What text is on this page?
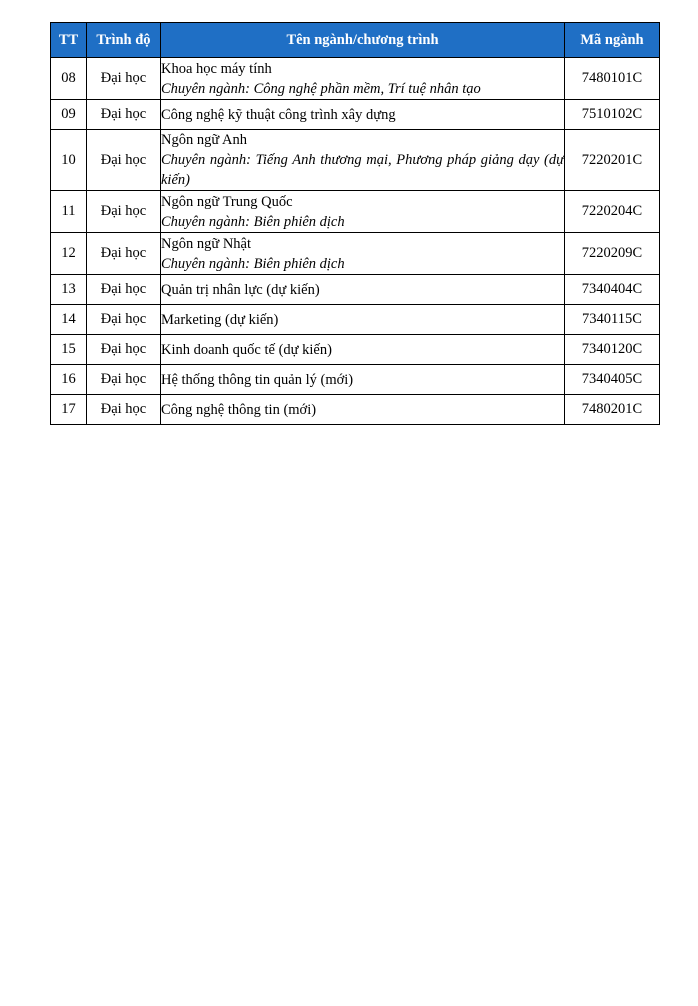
TT	Trình độ	Tên ngành/chương trình	Mã ngành
08	Đại học	Khoa học máy tính
Chuyên ngành: Công nghệ phần mềm, Trí tuệ nhân tạo	7480101C
09	Đại học	Công nghệ kỹ thuật công trình xây dựng	7510102C
10	Đại học	Ngôn ngữ Anh
Chuyên ngành: Tiếng Anh thương mại, Phương pháp giảng dạy (dự kiến)	7220201C
11	Đại học	Ngôn ngữ Trung Quốc
Chuyên ngành: Biên phiên dịch	7220204C
12	Đại học	Ngôn ngữ Nhật
Chuyên ngành: Biên phiên dịch	7220209C
13	Đại học	Quản trị nhân lực (dự kiến)	7340404C
14	Đại học	Marketing (dự kiến)	7340115C
15	Đại học	Kinh doanh quốc tế (dự kiến)	7340120C
16	Đại học	Hệ thống thông tin quản lý (mới)	7340405C
17	Đại học	Công nghệ thông tin (mới)	7480201C
